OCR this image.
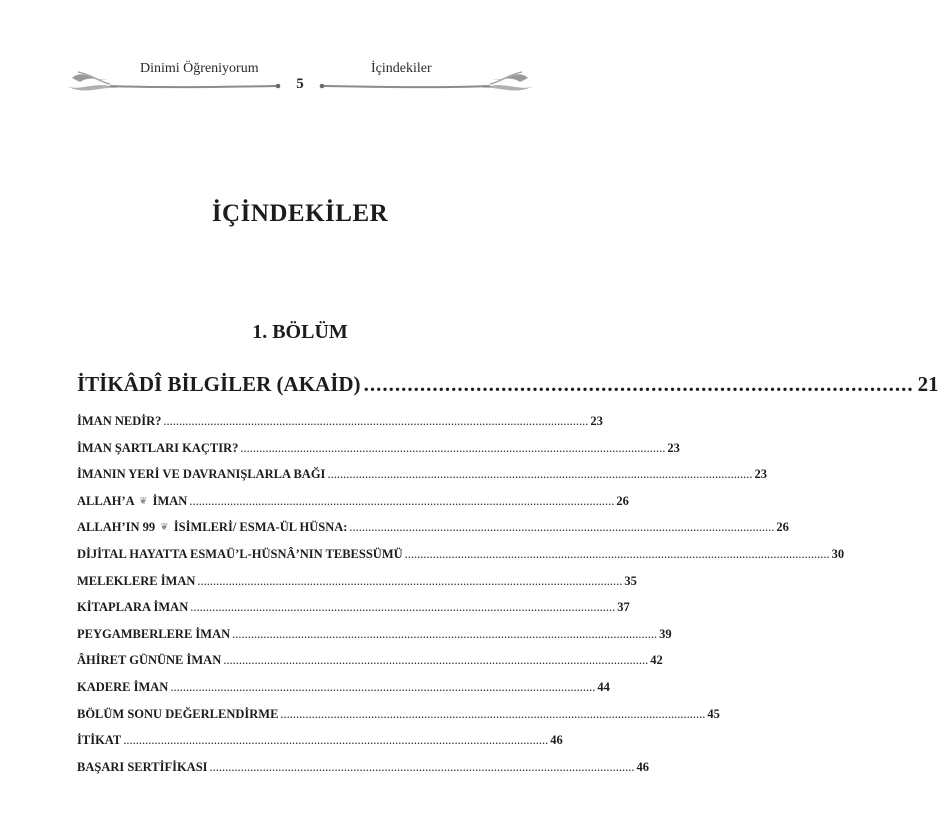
Dinimi Öğreniyorum	İçindekiler
5
İÇİNDEKİLER
1. BÖLÜM
İTİKÂDÎ BİLGİLER (AKAİD) ........................................................................................ 21
İMAN NEDİR? ........................................................................................................................................ 23
İMAN ŞARTLARI KAÇTIR? ........................................................................................................................................ 23
İMANIN YERİ VE DAVRANIŞLARLA BAĞI ........................................................................................................................................ 23
ALLAH’A ❦ İMAN ........................................................................................................................................ 26
ALLAH’IN 99 ❦ İSİMLERİ/ ESMA-ÜL HÜSNA: ........................................................................................................................................ 26
DİJİTAL HAYATTA ESMAÜ’L-HÜSNÂ’NIN TEBESSÜMÜ ........................................................................................................................................ 30
MELEKLERE İMAN ........................................................................................................................................ 35
KİTAPLARA İMAN ........................................................................................................................................ 37
PEYGAMBERLERE İMAN ........................................................................................................................................ 39
ÂHİRET GÜNÜNE İMAN ........................................................................................................................................ 42
KADERE İMAN ........................................................................................................................................ 44
BÖLÜM SONU DEĞERLENDİRME ........................................................................................................................................ 45
İTİKAT ........................................................................................................................................ 46
BAŞARI SERTİFİKASI ........................................................................................................................................ 46
